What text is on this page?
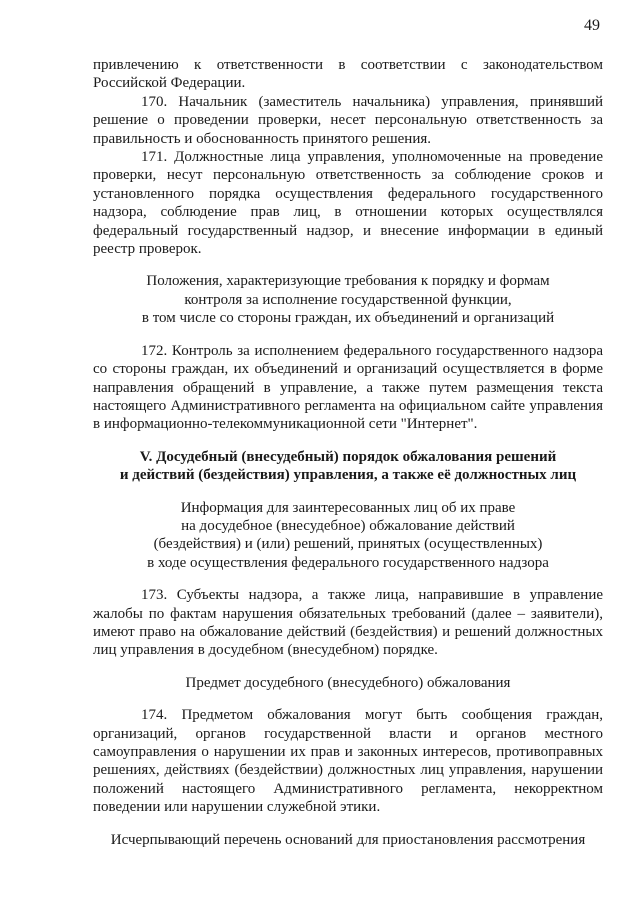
49

привлечению к ответственности в соответствии с законодательством Российской Федерации.

170. Начальник (заместитель начальника) управления, принявший решение о проведении проверки, несет персональную ответственность за правильность и обоснованность принятого решения.

171. Должностные лица управления, уполномоченные на проведение проверки, несут персональную ответственность за соблюдение сроков и установленного порядка осуществления федерального государственного надзора, соблюдение прав лиц, в отношении которых осуществлялся федеральный государственный надзор, и внесение информации в единый реестр проверок.

Положения, характеризующие требования к порядку и формам
контроля за исполнение государственной функции,
в том числе со стороны граждан, их объединений и организаций

172. Контроль за исполнением федерального государственного надзора со стороны граждан, их объединений и организаций осуществляется в форме направления обращений в управление, а также путем размещения текста настоящего Административного регламента на официальном сайте управления в информационно-телекоммуникационной сети "Интернет".

V. Досудебный (внесудебный) порядок обжалования решений
и действий (бездействия) управления, а также её должностных лиц
Информация для заинтересованных лиц об их праве
на досудебное (внесудебное) обжалование действий
(бездействия) и (или) решений, принятых (осуществленных)
в ходе осуществления федерального государственного надзора

173. Субъекты надзора, а также лица, направившие в управление жалобы по фактам нарушения обязательных требований (далее – заявители), имеют право на обжалование действий (бездействия) и решений должностных лиц управления в досудебном (внесудебном) порядке.

Предмет досудебного (внесудебного) обжалования

174. Предметом обжалования могут быть сообщения граждан, организаций, органов государственной власти и органов местного самоуправления о нарушении их прав и законных интересов, противоправных решениях, действиях (бездействии) должностных лиц управления, нарушении положений настоящего Административного регламента, некорректном поведении или нарушении служебной этики.

Исчерпывающий перечень оснований для приостановления рассмотрения
